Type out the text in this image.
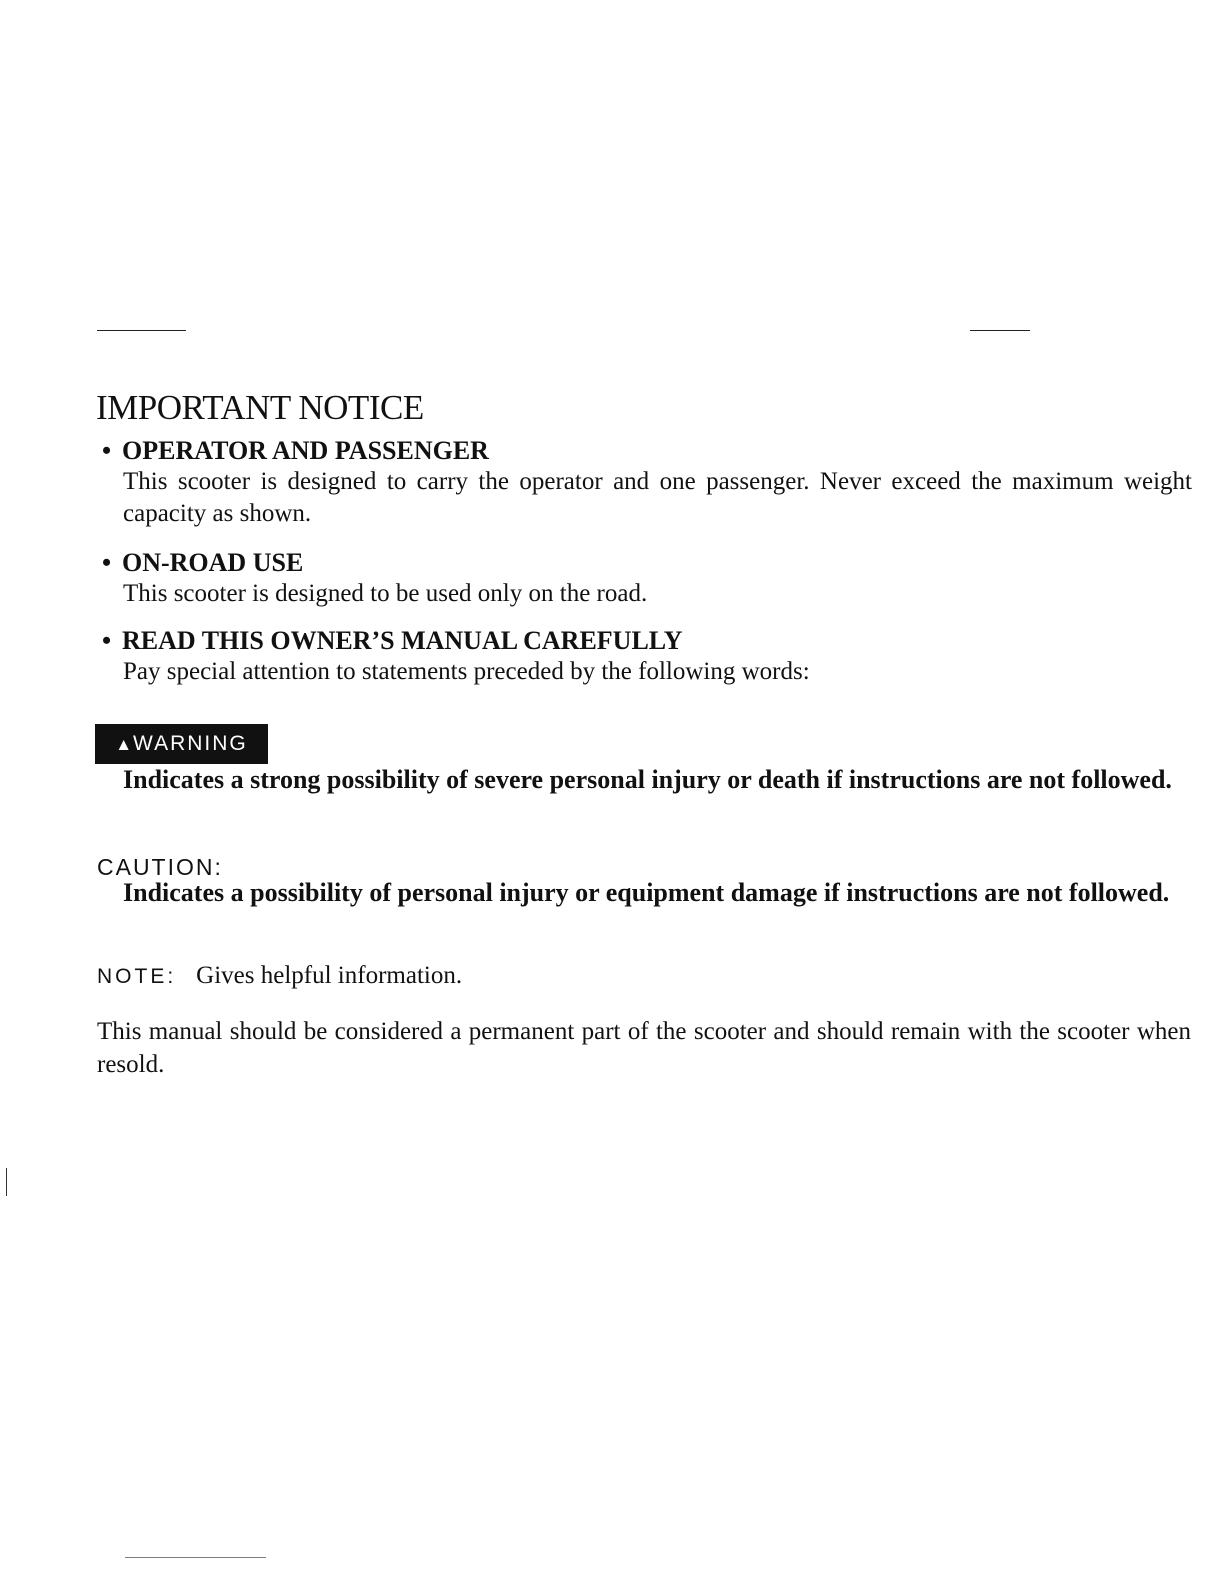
IMPORTANT NOTICE

• OPERATOR AND PASSENGER

This scooter is designed to carry the operator and one passenger. Never exceed the maximum weight capacity as shown.

• ON-ROAD USE

This scooter is designed to be used only on the road.

• READ THIS OWNER’S MANUAL CAREFULLY

Pay special attention to statements preceded by the following words:

▲WARNING

Indicates a strong possibility of severe personal injury or death if instructions are not followed.

CAUTION:

Indicates a possibility of personal injury or equipment damage if instructions are not followed.

NOTE: Gives helpful information.

This manual should be considered a permanent part of the scooter and should remain with the scooter when resold.
